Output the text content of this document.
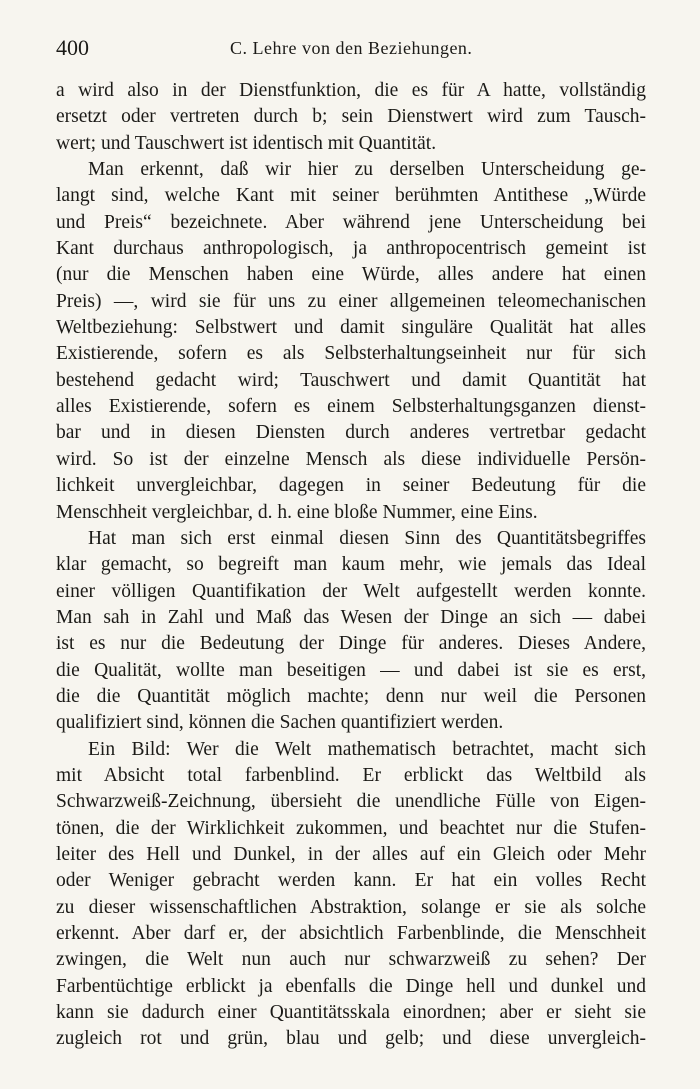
400	C. Lehre von den Beziehungen.
a wird also in der Dienstfunktion, die es für A hatte, vollständig
ersetzt oder vertreten durch b; sein Dienstwert wird zum Tausch-
wert; und Tauschwert ist identisch mit Quantität.
Man erkennt, daß wir hier zu derselben Unterscheidung ge-
langt sind, welche Kant mit seiner berühmten Antithese „Würde
und Preis“ bezeichnete. Aber während jene Unterscheidung bei
Kant durchaus anthropologisch, ja anthropocentrisch gemeint ist
(nur die Menschen haben eine Würde, alles andere hat einen
Preis) —, wird sie für uns zu einer allgemeinen teleomechanischen
Weltbeziehung: Selbstwert und damit singuläre Qualität hat alles
Existierende, sofern es als Selbsterhaltungseinheit nur für sich
bestehend gedacht wird; Tauschwert und damit Quantität hat
alles Existierende, sofern es einem Selbsterhaltungsganzen dienst-
bar und in diesen Diensten durch anderes vertretbar gedacht
wird. So ist der einzelne Mensch als diese individuelle Persön-
lichkeit unvergleichbar, dagegen in seiner Bedeutung für die
Menschheit vergleichbar, d. h. eine bloße Nummer, eine Eins.
Hat man sich erst einmal diesen Sinn des Quantitätsbegriffes
klar gemacht, so begreift man kaum mehr, wie jemals das Ideal
einer völligen Quantifikation der Welt aufgestellt werden konnte.
Man sah in Zahl und Maß das Wesen der Dinge an sich — dabei
ist es nur die Bedeutung der Dinge für anderes. Dieses Andere,
die Qualität, wollte man beseitigen — und dabei ist sie es erst,
die die Quantität möglich machte; denn nur weil die Personen
qualifiziert sind, können die Sachen quantifiziert werden.
Ein Bild: Wer die Welt mathematisch betrachtet, macht sich
mit Absicht total farbenblind. Er erblickt das Weltbild als
Schwarzweiß-Zeichnung, übersieht die unendliche Fülle von Eigen-
tönen, die der Wirklichkeit zukommen, und beachtet nur die Stufen-
leiter des Hell und Dunkel, in der alles auf ein Gleich oder Mehr
oder Weniger gebracht werden kann. Er hat ein volles Recht
zu dieser wissenschaftlichen Abstraktion, solange er sie als solche
erkennt. Aber darf er, der absichtlich Farbenblinde, die Menschheit
zwingen, die Welt nun auch nur schwarzweiß zu sehen? Der
Farbentüchtige erblickt ja ebenfalls die Dinge hell und dunkel und
kann sie dadurch einer Quantitätsskala einordnen; aber er sieht sie
zugleich rot und grün, blau und gelb; und diese unvergleich-
